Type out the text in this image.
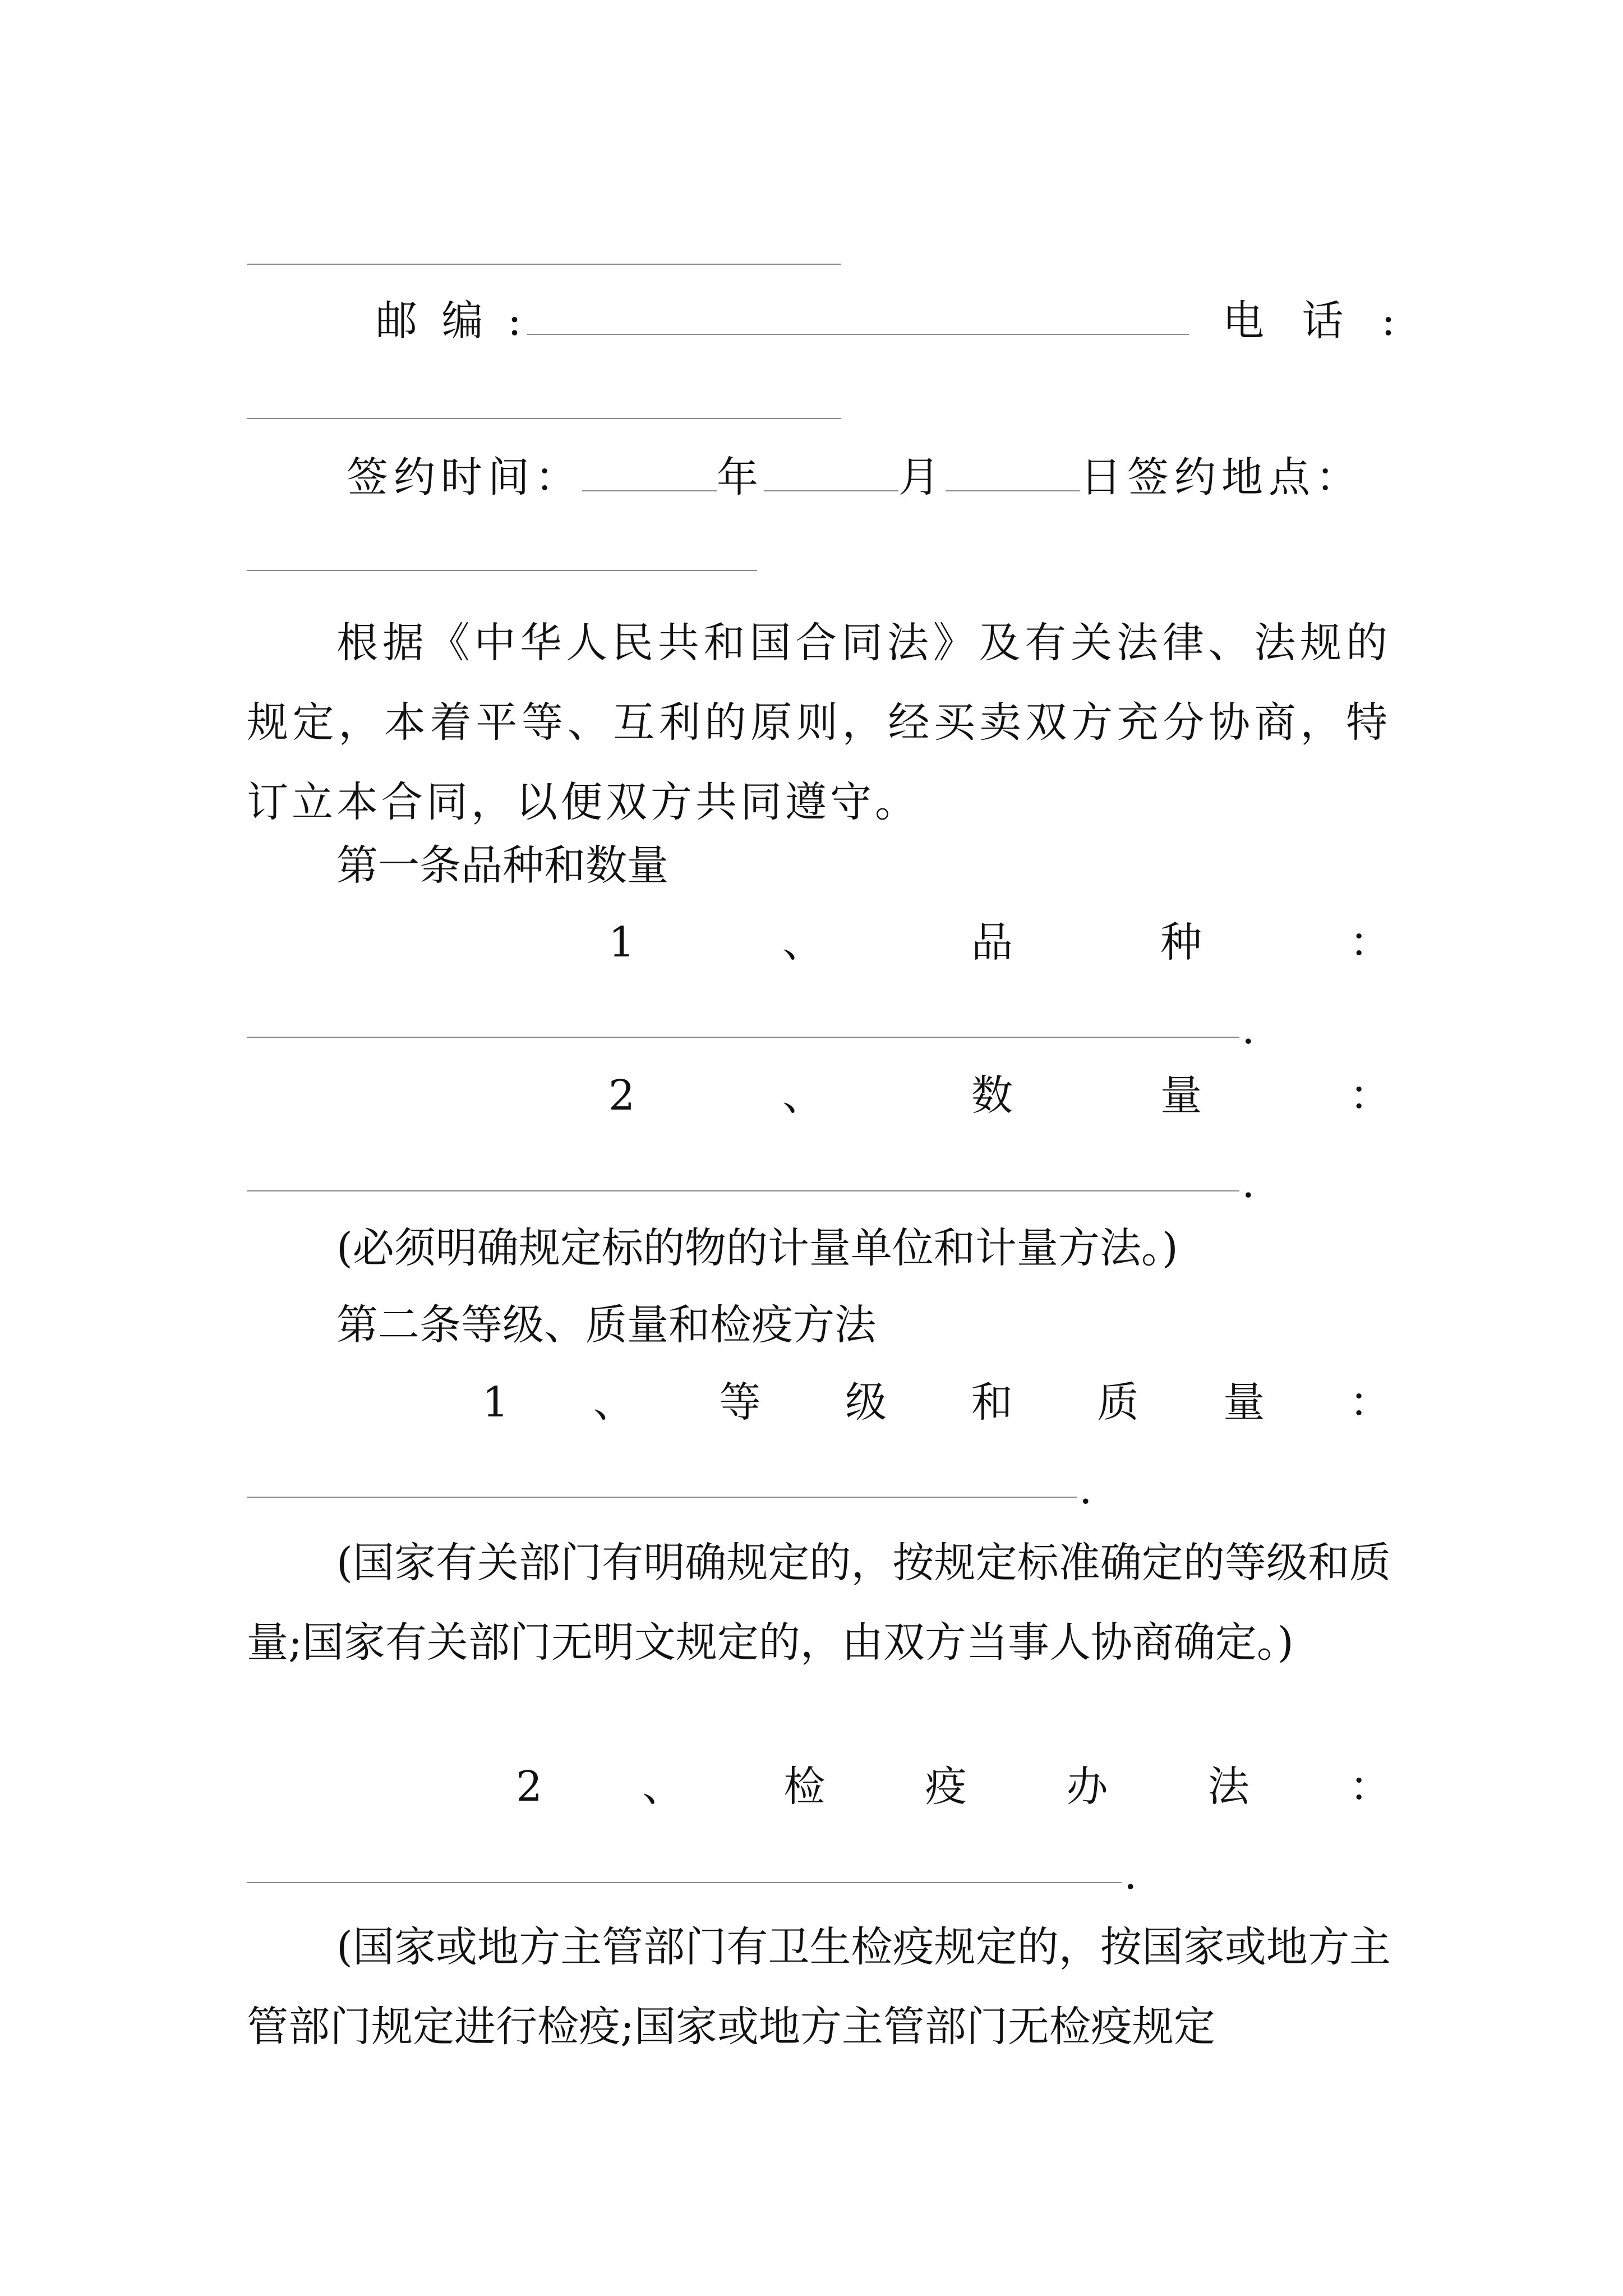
邮 编 :	电 话 :
签约时间：	年	月	日签约地点：
根据《中华人民共和国合同法》及有关法律、法规的规定，本着平等、互利的原则，经买卖双方充分协商，特订立本合同，以便双方共同遵守。
第一条品种和数量
1	、	品	种	：
.
2	、	数	量	：
.
(必须明确规定标的物的计量单位和计量方法。)
第二条等级、质量和检疫方法
1 、 等 级 和 质 量 ：
.
(国家有关部门有明确规定的，按规定标准确定的等级和质量;国家有关部门无明文规定的，由双方当事人协商确定。)
2 、 检 疫 办 法 ：
.
(国家或地方主管部门有卫生检疫规定的，按国家或地方主管部门规定进行检疫;国家或地方主管部门无检疫规定
